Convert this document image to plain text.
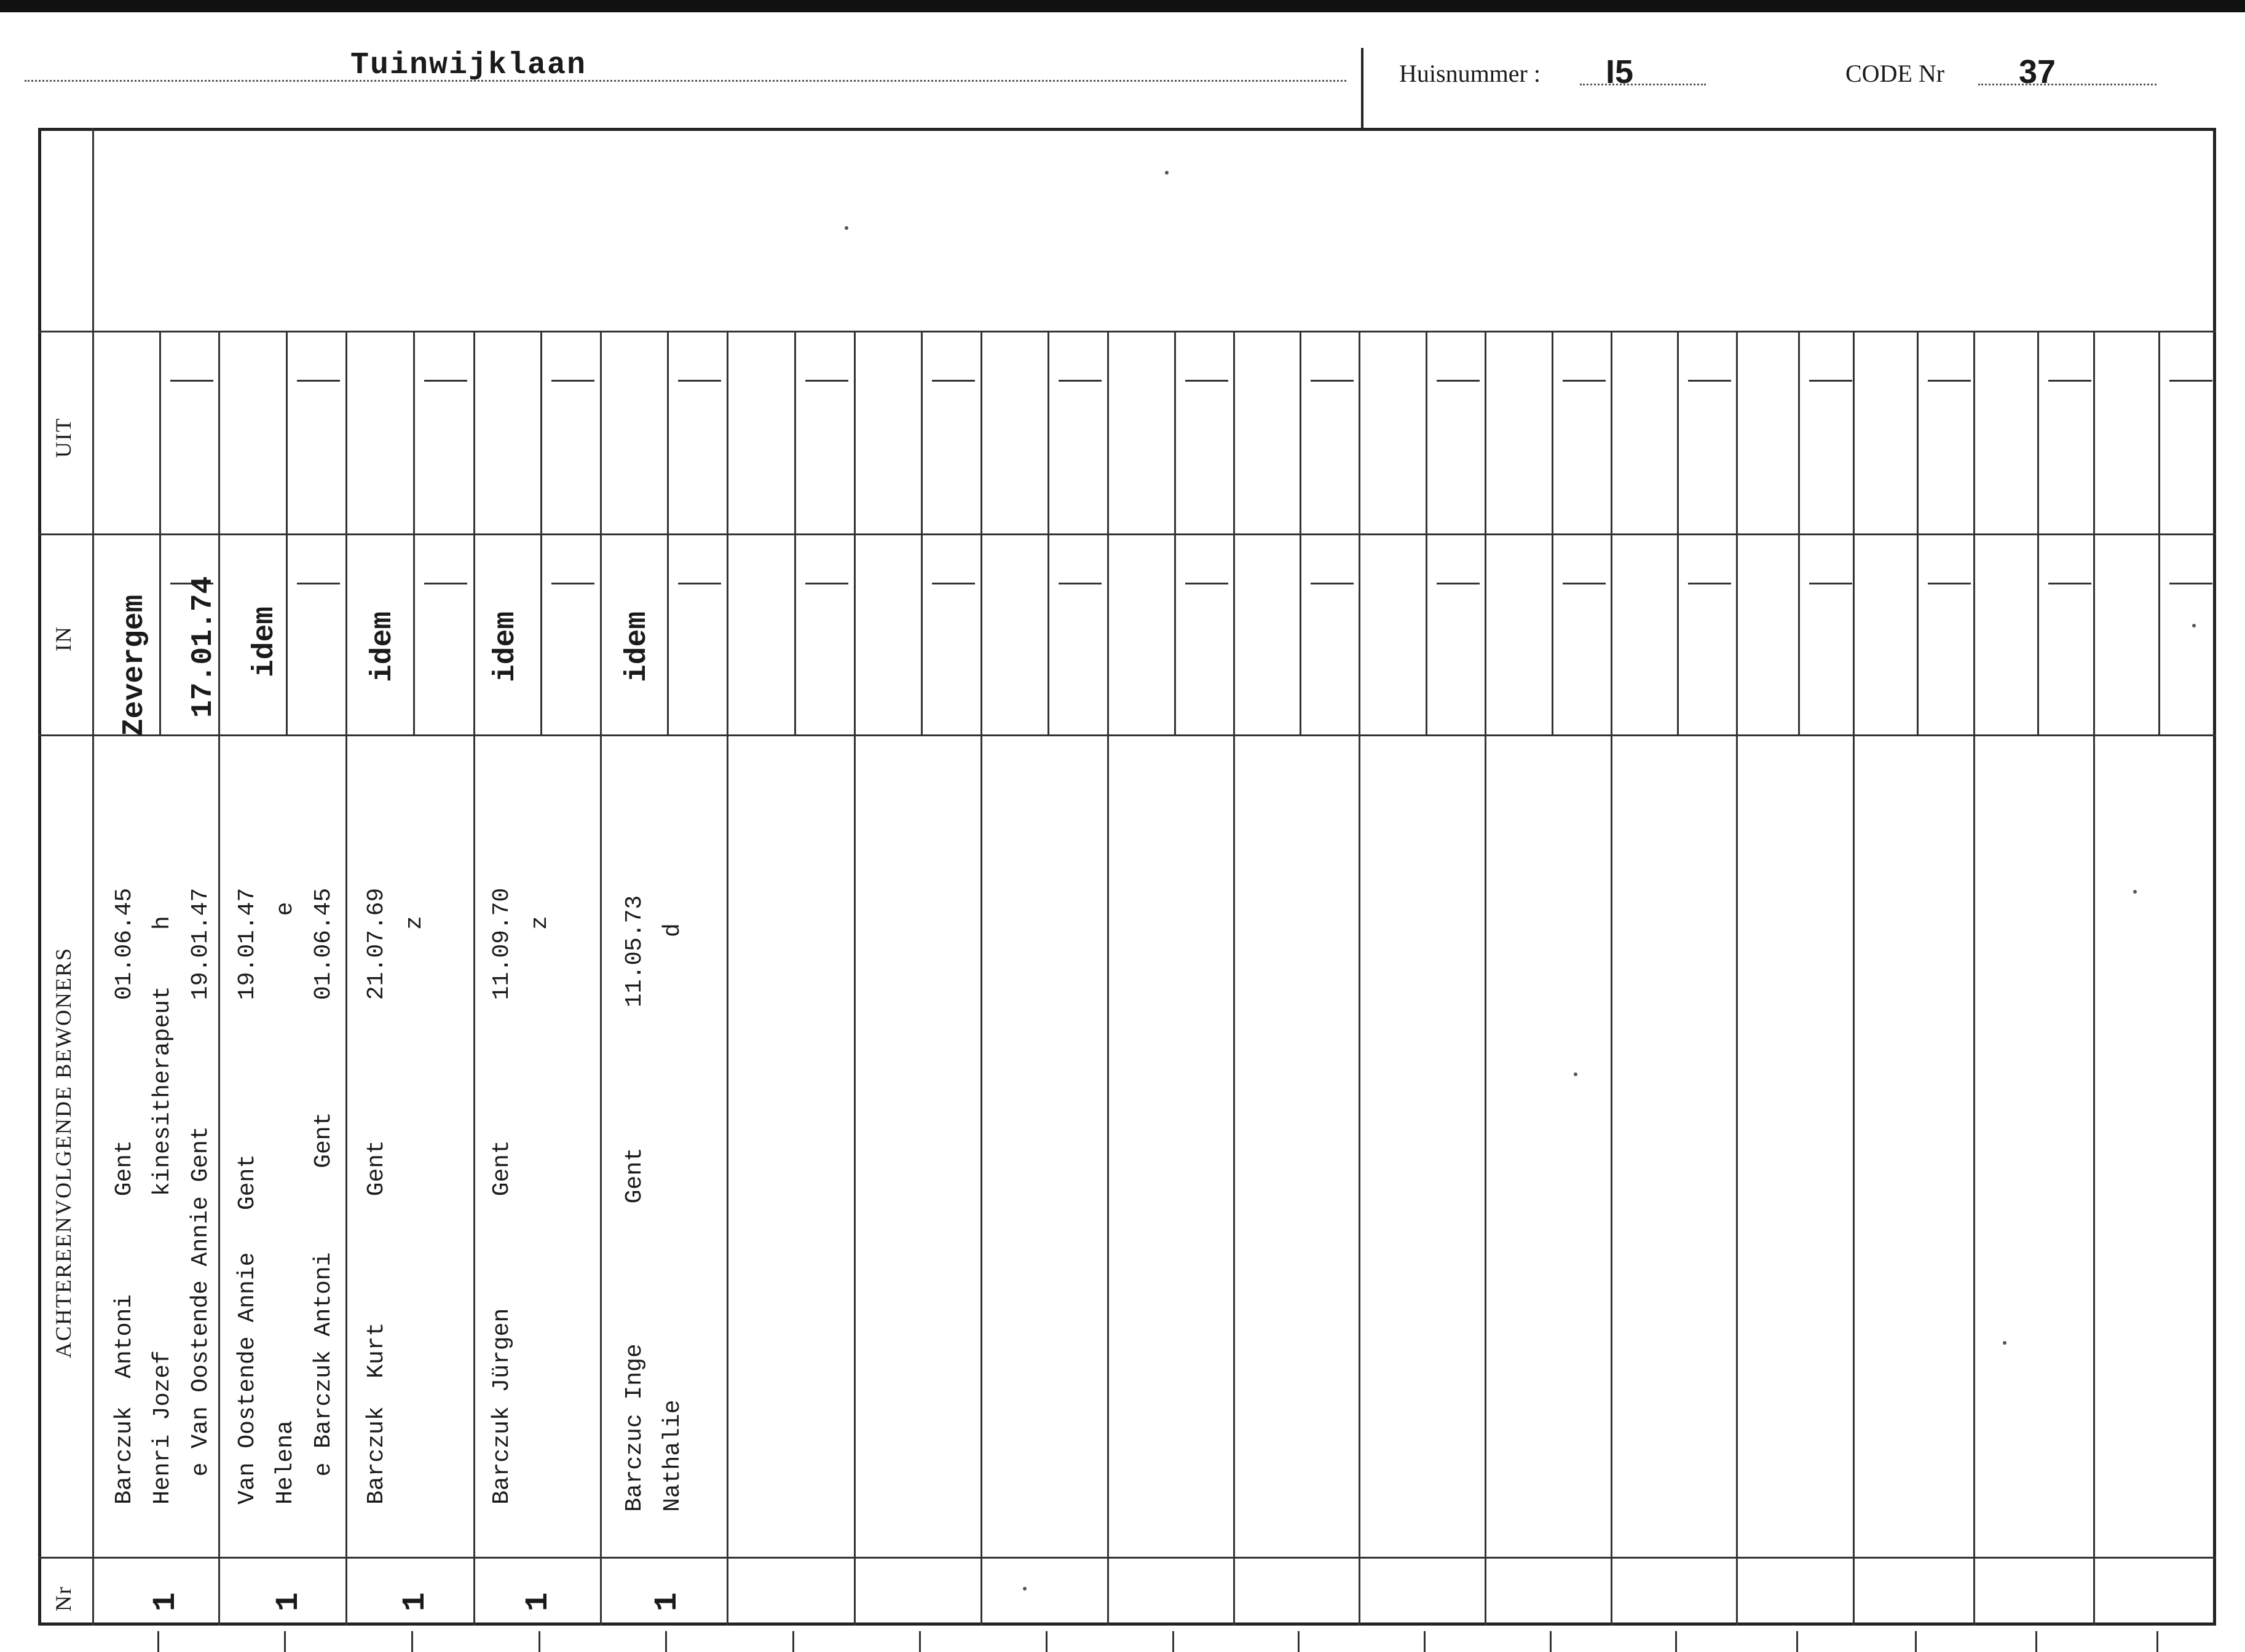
Tuinwijklaan	Huisnummer : I5	CODE Nr 37
UIT
IN
ACHTEREENVOLGENDE BEWONERS
Nr
Zevergem 17.01.74
Barczuk  Antoni       Gent          01.06.45 Henri Jozef           kinesitherapeut    h e Van Oostende Annie Gent         19.01.47
1
idem
Van Oostende Annie   Gent           19.01.47 Helena                                    e e Barczuk Antoni      Gent        01.06.45
1
idem
Barczuk  Kurt         Gent          21.07.69 z
1
idem
Barczuk Jürgen        Gent          11.09.70 z
1
idem
Barczuc Inge          Gent          11.05.73 Nathalie                                 d
1
